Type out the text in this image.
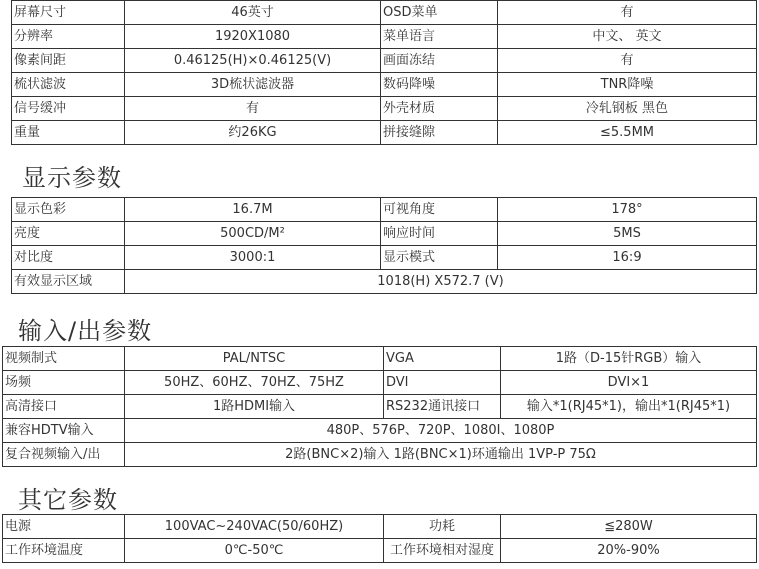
屏幕尺寸	46英寸	OSD菜单	有
分辨率	1920X1080	菜单语言	中文、 英文
像素间距	0.46125(H)×0.46125(V)	画面冻结	有
梳状滤波	3D梳状滤波器	数码降噪	TNR降噪
信号缓冲	有	外壳材质	冷轧钢板 黑色
重量	约26KG	拼接缝隙	≤5.5MM
显示参数
显示色彩	16.7M	可视角度	178°
亮度	500CD/M²	响应时间	5MS
对比度	3000:1	显示模式	16:9
有效显示区域	1018(H) X572.7 (V)		
输入/出参数
视频制式	PAL/NTSC	VGA	1路（D-15针RGB）输入
场频	50HZ、60HZ、70HZ、75HZ	DVI	DVI×1
高清接口	1路HDMI输入	RS232通讯接口	输入*1(RJ45*1)，输出*1(RJ45*1)
兼容HDTV输入	480P、576P、720P、1080I、1080P		
复合视频输入/出	2路(BNC×2)输入 1路(BNC×1)环通输出 1VP-P 75Ω		
其它参数
电源	100VAC~240VAC(50/60HZ)	功耗	≦280W
工作环境温度	0℃-50℃	工作环境相对湿度	20%-90%
